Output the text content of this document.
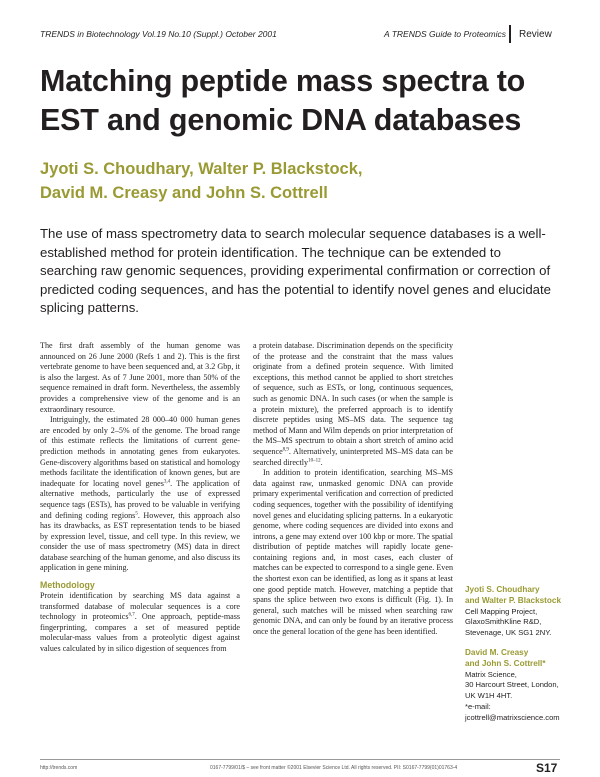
TRENDS in Biotechnology Vol.19 No.10 (Suppl.) October 2001	A TRENDS Guide to Proteomics Review
Matching peptide mass spectra to EST and genomic DNA databases
Jyoti S. Choudhary, Walter P. Blackstock,
David M. Creasy and John S. Cottrell
The use of mass spectrometry data to search molecular sequence databases is a well-established method for protein identification. The technique can be extended to searching raw genomic sequences, providing experimental confirmation or correction of predicted coding sequences, and has the potential to identify novel genes and elucidate splicing patterns.

The first draft assembly of the human genome was announced on 26 June 2000 (Refs 1 and 2). This is the first vertebrate genome to have been sequenced and, at 3.2 Gbp, it is also the largest. As of 7 June 2001, more than 50% of the sequence remained in draft form. Nevertheless, the assembly provides a comprehensive view of the genome and is an extraordinary resource.

Intriguingly, the estimated 28 000–40 000 human genes are encoded by only 2–5% of the genome. The broad range of this estimate reflects the limitations of current gene-prediction methods in annotating genes from eukaryotes. Gene-discovery algorithms based on statistical and homology methods facilitate the identification of known genes, but are inadequate for locating novel genes$^{3,4}$. The application of alternative methods, particularly the use of expressed sequence tags (ESTs), has proved to be valuable in verifying and defining coding regions$^5$. However, this approach also has its drawbacks, as EST representation tends to be biased by expression level, tissue, and cell type. In this review, we consider the use of mass spectrometry (MS) data in direct database searching of the human genome, and also discuss its application in gene mining.

Methodology

Protein identification by searching MS data against a transformed database of molecular sequences is a core technology in proteomics$^{6,7}$. One approach, peptide-mass fingerprinting, compares a set of measured peptide molecular-mass values from a proteolytic digest against values calculated by in silico digestion of sequences from

a protein database. Discrimination depends on the specificity of the protease and the constraint that the mass values originate from a defined protein sequence. With limited exceptions, this method cannot be applied to short stretches of sequence, such as ESTs, or long, continuous sequences, such as genomic DNA. In such cases (or when the sample is a protein mixture), the preferred approach is to identify discrete peptides using MS–MS data. The sequence tag method of Mann and Wilm depends on prior interpretation of the MS–MS spectrum to obtain a short stretch of amino acid sequence$^{8,9}$. Alternatively, uninterpreted MS–MS data can be searched directly$^{10-12}$.

In addition to protein identification, searching MS–MS data against raw, unmasked genomic DNA can provide primary experimental verification and correction of predicted coding sequences, together with the possibility of identifying novel genes and elucidating splicing patterns. In a eukaryotic genome, where coding sequences are divided into exons and introns, a gene may extend over 100 kbp or more. The spatial distribution of peptide matches will rapidly locate gene-containing regions and, in most cases, each cluster of matches can be expected to correspond to a single gene. Even the shortest exon can be identified, as long as it spans at least one good peptide match. However, matching a peptide that spans the splice between two exons is difficult (Fig. 1). In general, such matches will be missed when searching raw genomic DNA, and can only be found by an iterative process once the general location of the gene has been identified.

Jyoti S. Choudhary
and Walter P. Blackstock
Cell Mapping Project,
GlaxoSmithKline R&D,
Stevenage, UK SG1 2NY.
David M. Creasy
and John S. Cottrell*
Matrix Science,
30 Harcourt Street, London,
UK W1H 4HT.
*e-mail:
jcottrell@matrixscience.com
http://trends.com	0167-7799/01/$ – see front matter ©2001 Elsevier Science Ltd. All rights reserved. PII: S0167-7799(01)01763-4	S17
